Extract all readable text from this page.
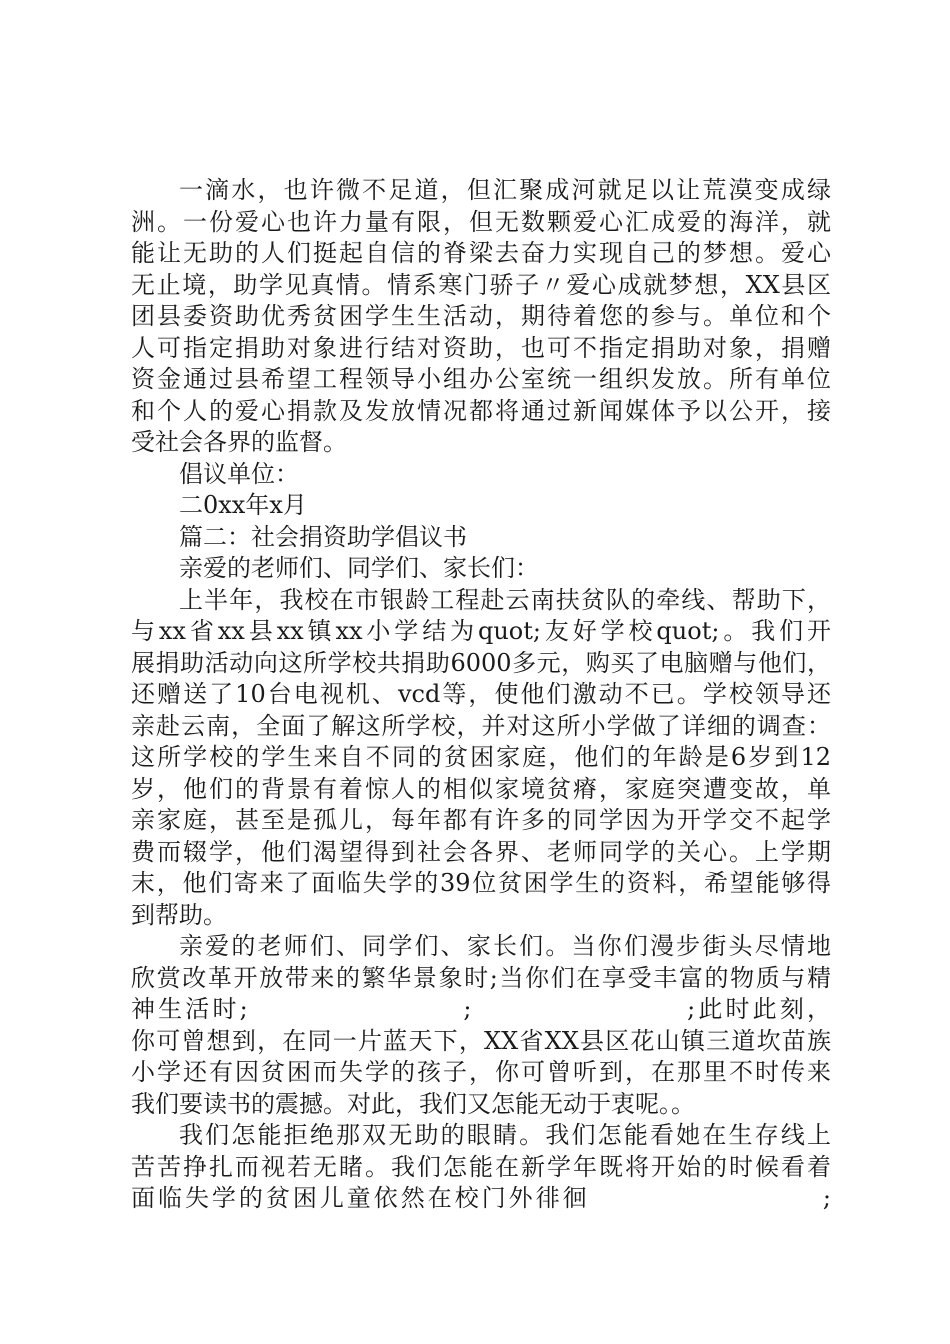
一滴水，也许微不足道，但汇聚成河就足以让荒漠变成绿
洲。一份爱心也许力量有限，但无数颗爱心汇成爱的海洋，就
能让无助的人们挺起自信的脊梁去奋力实现自己的梦想。爱心
无止境，助学见真情。情系寒门骄子〃爱心成就梦想，XX县区
团县委资助优秀贫困学生生活动，期待着您的参与。单位和个
人可指定捐助对象进行结对资助，也可不指定捐助对象，捐赠
资金通过县希望工程领导小组办公室统一组织发放。所有单位
和个人的爱心捐款及发放情况都将通过新闻媒体予以公开，接
受社会各界的监督。
倡议单位：
二0xx年x月
篇二：社会捐资助学倡议书
亲爱的老师们、同学们、家长们：
上半年，我校在市银龄工程赴云南扶贫队的牵线、帮助下，
与xx省xx县xx镇xx小学结为quot;友好学校quot;。我们开
展捐助活动向这所学校共捐助6000多元，购买了电脑赠与他们，
还赠送了10台电视机、vcd等，使他们激动不已。学校领导还
亲赴云南，全面了解这所学校，并对这所小学做了详细的调查：
这所学校的学生来自不同的贫困家庭，他们的年龄是6岁到12
岁，他们的背景有着惊人的相似家境贫瘠，家庭突遭变故，单
亲家庭，甚至是孤儿，每年都有许多的同学因为开学交不起学
费而辍学，他们渴望得到社会各界、老师同学的关心。上学期
末，他们寄来了面临失学的39位贫困学生的资料，希望能够得
到帮助。
亲爱的老师们、同学们、家长们。当你们漫步街头尽情地
欣赏改革开放带来的繁华景象时;当你们在享受丰富的物质与精
神生活时;                    ;                    ;此时此刻，
你可曾想到，在同一片蓝天下，XX省XX县区花山镇三道坎苗族
小学还有因贫困而失学的孩子，你可曾听到，在那里不时传来
我们要读书的震撼。对此，我们又怎能无动于衷呢。。
我们怎能拒绝那双无助的眼睛。我们怎能看她在生存线上
苦苦挣扎而视若无睹。我们怎能在新学年既将开始的时候看着
面临失学的贫困儿童依然在校门外徘徊                      ;
